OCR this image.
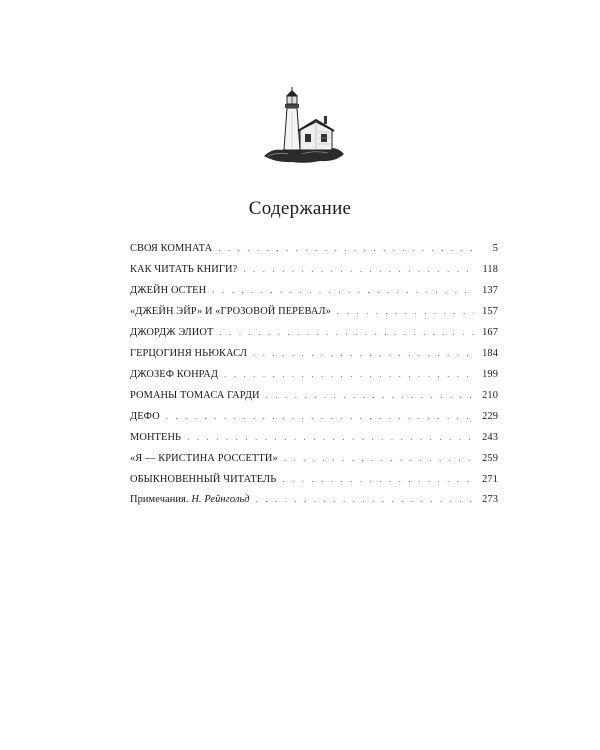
Содержание
СВОЯ КОМНАТА . . .	5
КАК ЧИТАТЬ КНИГИ? . . .	118
ДЖЕЙН ОСТЕН . . .	137
«ДЖЕЙН ЭЙР» И «ГРОЗОВОЙ ПЕРЕВАЛ» . . .	157
ДЖОРДЖ ЭЛИОТ . . .	167
ГЕРЦОГИНЯ НЬЮКАСЛ . . .	184
ДЖОЗЕФ КОНРАД . . .	199
РОМАНЫ ТОМАСА ГАРДИ . . .	210
ДЕФО . . .	229
МОНТЕНЬ . . .	243
«Я — КРИСТИНА РОССЕТТИ» . . .	259
ОБЫКНОВЕННЫЙ ЧИТАТЕЛЬ . . .	271
Примечания. Н. Рейнгольд . . .	273
